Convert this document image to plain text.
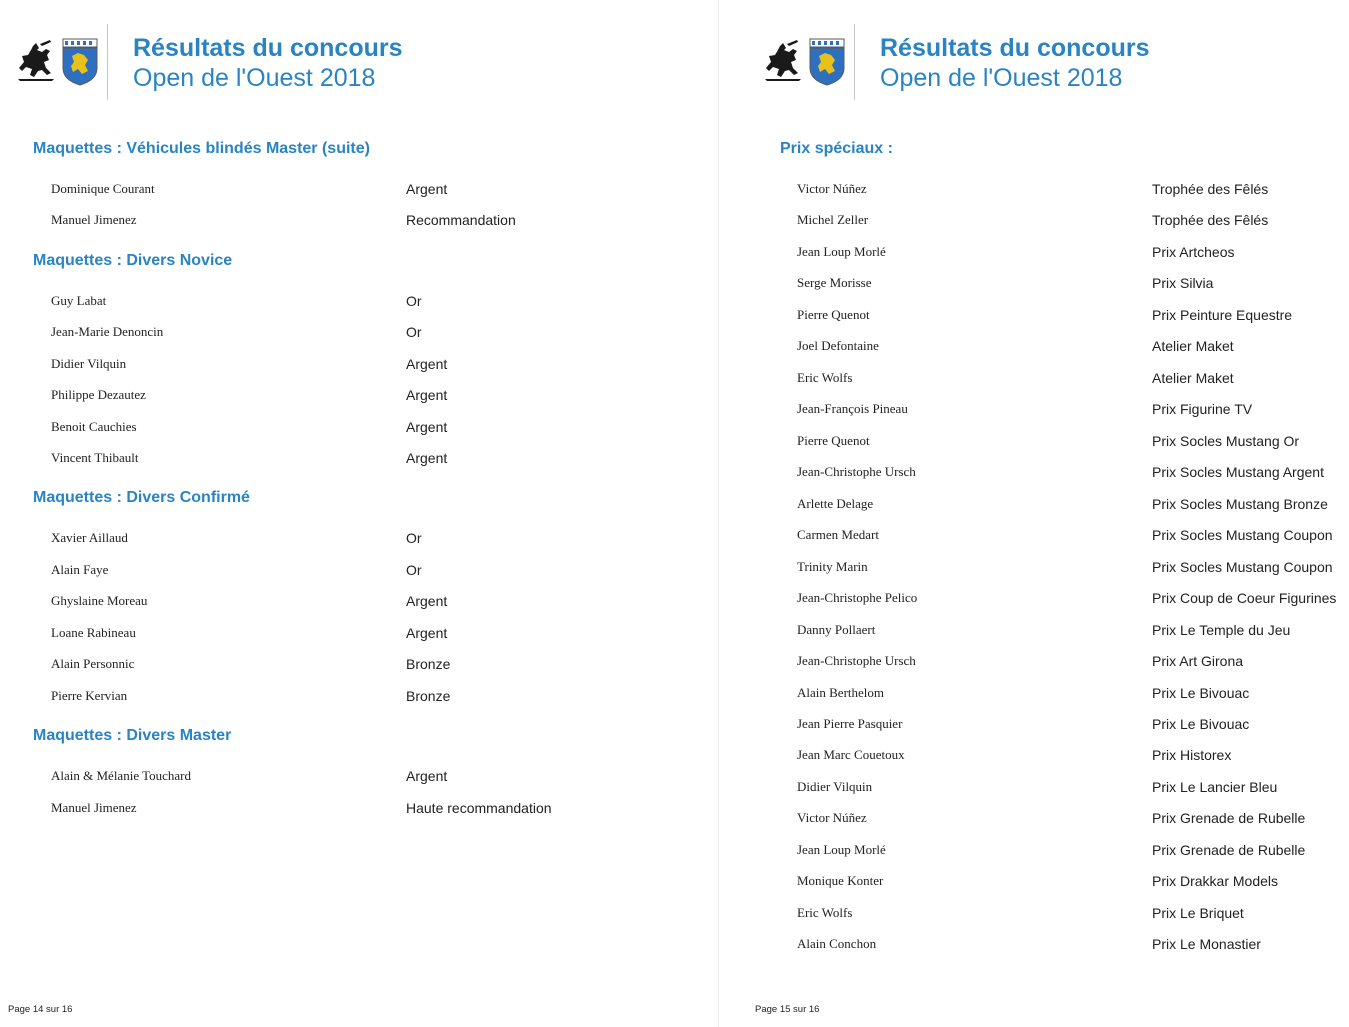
Résultats du concours
Open de l'Ouest 2018
Maquettes : Véhicules blindés Master (suite)
Dominique Courant	Argent
Manuel Jimenez	Recommandation
Maquettes : Divers Novice
Guy Labat	Or
Jean-Marie Denoncin	Or
Didier Vilquin	Argent
Philippe Dezautez	Argent
Benoit Cauchies	Argent
Vincent Thibault	Argent
Maquettes : Divers Confirmé
Xavier Aillaud	Or
Alain Faye	Or
Ghyslaine Moreau	Argent
Loane Rabineau	Argent
Alain Personnic	Bronze
Pierre Kervian	Bronze
Maquettes : Divers Master
Alain & Mélanie Touchard	Argent
Manuel Jimenez	Haute recommandation
Page 14 sur 16
Résultats du concours
Open de l'Ouest 2018
Prix spéciaux :
Victor Núñez	Trophée des Fêlés
Michel Zeller	Trophée des Fêlés
Jean Loup Morlé	Prix Artcheos
Serge Morisse	Prix Silvia
Pierre Quenot	Prix Peinture Equestre
Joel Defontaine	Atelier Maket
Eric Wolfs	Atelier Maket
Jean-François Pineau	Prix Figurine TV
Pierre Quenot	Prix Socles Mustang Or
Jean-Christophe Ursch	Prix Socles Mustang Argent
Arlette Delage	Prix Socles Mustang Bronze
Carmen Medart	Prix Socles Mustang Coupon
Trinity Marin	Prix Socles Mustang Coupon
Jean-Christophe Pelico	Prix Coup de Coeur Figurines
Danny Pollaert	Prix Le Temple du Jeu
Jean-Christophe Ursch	Prix Art Girona
Alain Berthelom	Prix Le Bivouac
Jean Pierre Pasquier	Prix Le Bivouac
Jean Marc Couetoux	Prix Historex
Didier Vilquin	Prix Le Lancier Bleu
Victor Núñez	Prix Grenade de Rubelle
Jean Loup Morlé	Prix Grenade de Rubelle
Monique Konter	Prix Drakkar Models
Eric Wolfs	Prix Le Briquet
Alain Conchon	Prix Le Monastier
Page 15 sur 16
